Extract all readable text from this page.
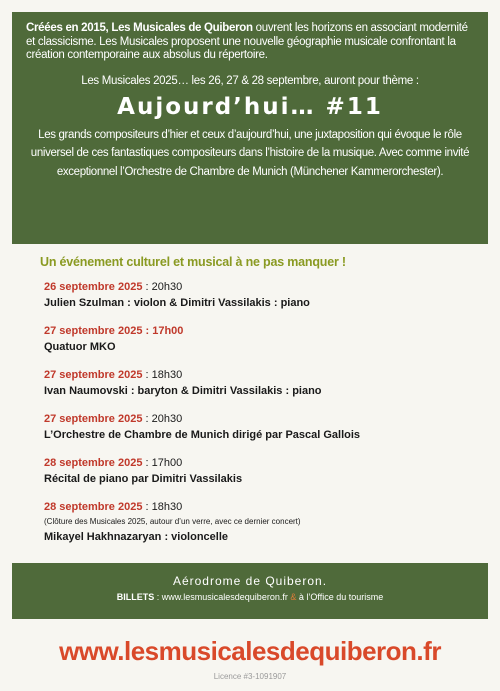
Créées en 2015, Les Musicales de Quiberon ouvrent les horizons en associant modernité et classicisme. Les Musicales proposent une nouvelle géographie musicale confrontant la création contemporaine aux absolus du répertoire.

Les Musicales 2025… les 26, 27 & 28 septembre, auront pour thème :

Aujourd’hui… #11

Les grands compositeurs d’hier et ceux d’aujourd’hui, une juxtaposition qui évoque le rôle universel de ces fantastiques compositeurs dans l’histoire de la musique. Avec comme invité exceptionnel l’Orchestre de Chambre de Munich (Münchener Kammerorchester).

Un événement culturel et musical à ne pas manquer !

26 septembre 2025 : 20h30
Julien Szulman : violon & Dimitri Vassilakis : piano
27 septembre 2025 : 17h00
Quatuor MKO
27 septembre 2025 : 18h30
Ivan Naumovski : baryton & Dimitri Vassilakis : piano
27 septembre 2025 : 20h30
L’Orchestre de Chambre de Munich dirigé par Pascal Gallois
28 septembre 2025 : 17h00
Récital de piano par Dimitri Vassilakis
28 septembre 2025 : 18h30
(Clôture des Musicales 2025, autour d’un verre, avec ce dernier concert)
Mikayel Hakhnazaryan : violoncelle
Aérodrome de Quiberon.
BILLETS : www.lesmusicalesdequiberon.fr & à l’Office du tourisme
www.lesmusicalesdequiberon.fr
Licence #3-1091907
